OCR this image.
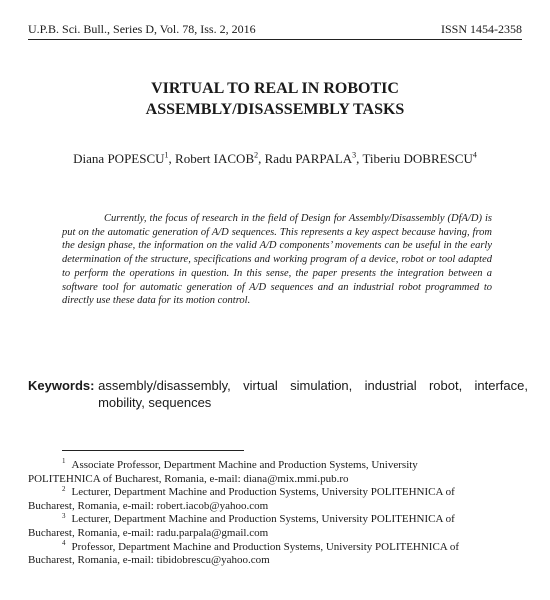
U.P.B. Sci. Bull., Series D, Vol. 78, Iss. 2, 2016	ISSN 1454-2358
VIRTUAL TO REAL IN ROBOTIC
ASSEMBLY/DISASSEMBLY TASKS
Diana POPESCU$^1$, Robert IACOB$^2$, Radu PARPALA$^3$, Tiberiu DOBRESCU$^4$

Currently, the focus of research in the field of Design for Assembly/Disassembly (DfA/D) is put on the automatic generation of A/D sequences. This represents a key aspect because having, from the design phase, the information on the valid A/D components’ movements can be useful in the early determination of the structure, specifications and working program of a device, robot or tool adapted to perform the operations in question. In this sense, the paper presents the integration between a software tool for automatic generation of A/D sequences and an industrial robot programmed to directly use these data for its motion control.

Keywords: assembly/disassembly, virtual simulation, industrial robot, interface, mobility, sequences

$^1$ Associate Professor, Department Machine and Production Systems, University
POLITEHNICA of Bucharest, Romania, e-mail: diana@mix.mmi.pub.ro

$^2$ Lecturer, Department Machine and Production Systems, University POLITEHNICA of
Bucharest, Romania, e-mail: robert.iacob@yahoo.com

$^3$ Lecturer, Department Machine and Production Systems, University POLITEHNICA of
Bucharest, Romania, e-mail: radu.parpala@gmail.com

$^4$ Professor, Department Machine and Production Systems, University POLITEHNICA of
Bucharest, Romania, e-mail: tibidobrescu@yahoo.com
